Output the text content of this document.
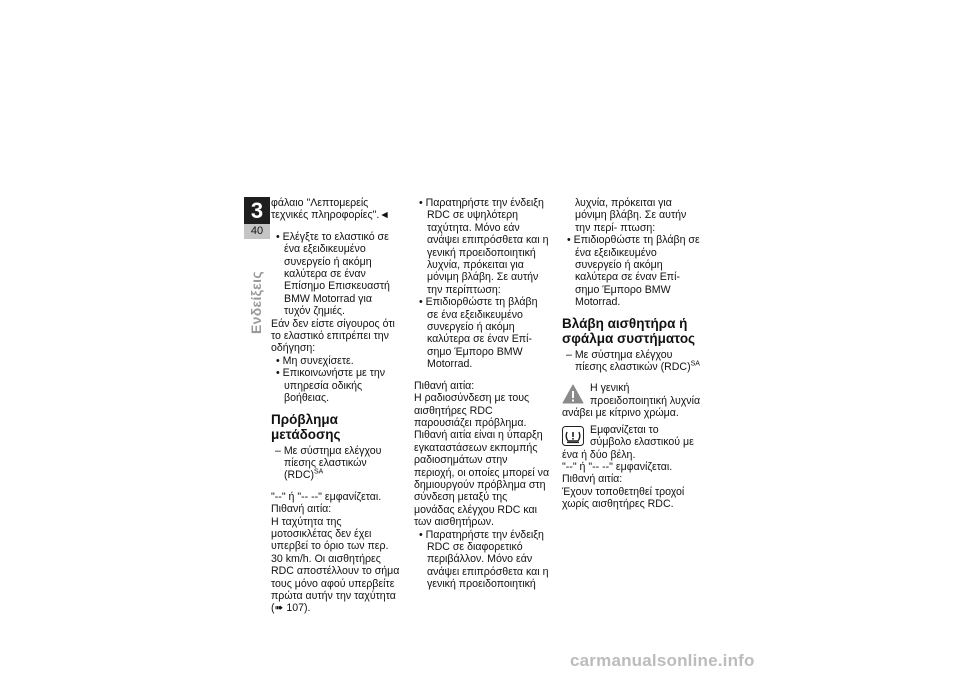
3
40
Ενδείξεις

φάλαιο "Λεπτομερείς τεχνικές πληροφορίες".◄

• Ελέγξτε το ελαστικό σε ένα εξειδικευμένο συνεργείο ή ακόμη καλύτερα σε έναν Επίσημο Επισκευαστή BMW Motorrad για τυχόν ζημιές.

Εάν δεν είστε σίγουρος ότι το ελαστικό επιτρέπει την οδήγηση:

• Μη συνεχίσετε.

• Επικοινωνήστε με την υπηρεσία οδικής βοήθειας.

Πρόβλημα μετάδοσης

– Με σύστημα ελέγχου πίεσης ελαστικών (RDC)$^{SA}$

"--" ή "-- --" εμφανίζεται.

Πιθανή αιτία:

Η ταχύτητα της μοτοσικλέτας δεν έχει υπερβεί το όριο των περ. 30 km/h. Οι αισθητήρες RDC αποστέλλουν το σήμα τους μόνο αφού υπερβείτε πρώτα αυτήν την ταχύτητα (➠ 107).

• Παρατηρήστε την ένδειξη RDC σε υψηλότερη ταχύτητα. Μόνο εάν ανάψει επιπρόσθετα και η γενική προειδοποιητική λυχνία, πρόκειται για μόνιμη βλάβη. Σε αυτήν την περίπτωση:

• Επιδιορθώστε τη βλάβη σε ένα εξειδικευμένο συνεργείο ή ακόμη καλύτερα σε έναν Επί- σημο Έμπορο BMW Motorrad.

Πιθανή αιτία:

Η ραδιοσύνδεση με τους αισθητήρες RDC παρουσιάζει πρόβλημα. Πιθανή αιτία είναι η ύπαρξη εγκαταστάσεων εκπομπής ραδιοσημάτων στην περιοχή, οι οποίες μπορεί να δημιουργούν πρόβλημα στη σύνδεση μεταξύ της μονάδας ελέγχου RDC και των αισθητήρων.

• Παρατηρήστε την ένδειξη RDC σε διαφορετικό περιβάλλον. Μόνο εάν ανάψει επιπρόσθετα και η γενική προειδοποιητική

λυχνία, πρόκειται για μόνιμη βλάβη. Σε αυτήν την περί- πτωση:

• Επιδιορθώστε τη βλάβη σε ένα εξειδικευμένο συνεργείο ή ακόμη καλύτερα σε έναν Επί- σημο Έμπορο BMW Motorrad.

Βλάβη αισθητήρα ή σφάλμα συστήματος

– Με σύστημα ελέγχου πίεσης ελαστικών (RDC)$^{SA}$

Η γενική προειδοποιητική λυχνία ανάβει με κίτρινο χρώμα.

Εμφανίζεται το σύμβολο ελαστικού με ένα ή δύο βέλη.

"--" ή "-- --" εμφανίζεται.

Πιθανή αιτία:

Έχουν τοποθετηθεί τροχοί χωρίς αισθητήρες RDC.

carmanualsonline.info
